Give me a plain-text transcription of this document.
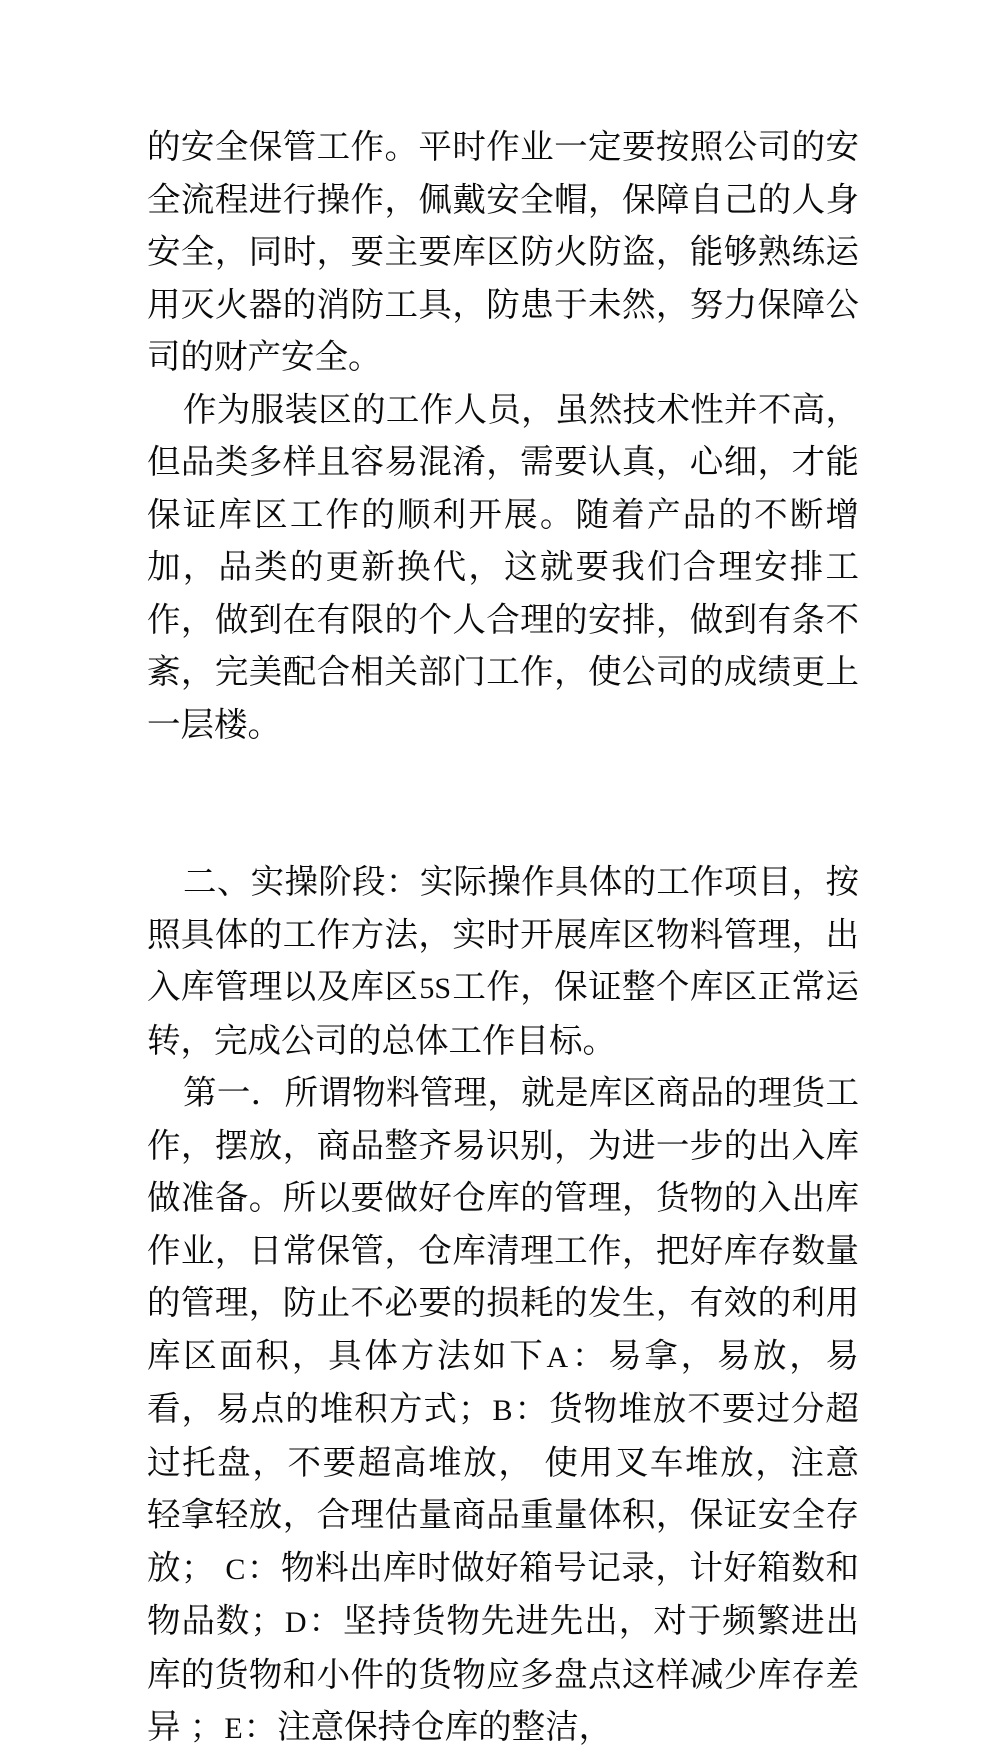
的安全保管工作。平时作业一定要按照公司的安全流程进行操作，佩戴安全帽，保障自己的人身安全，同时，要主要库区防火防盗，能够熟练运用灭火器的消防工具，防患于未然，努力保障公司的财产安全。

作为服装区的工作人员，虽然技术性并不高，但品类多样且容易混淆，需要认真，心细，才能保证库区工作的顺利开展。随着产品的不断增加，品类的更新换代，这就要我们合理安排工作，做到在有限的个人合理的安排，做到有条不紊，完美配合相关部门工作，使公司的成绩更上一层楼。

二、实操阶段：实际操作具体的工作项目，按照具体的工作方法，实时开展库区物料管理，出入库管理以及库区5S工作，保证整个库区正常运转，完成公司的总体工作目标。

第一．所谓物料管理，就是库区商品的理货工作，摆放，商品整齐易识别，为进一步的出入库做准备。所以要做好仓库的管理，货物的入出库作业，日常保管，仓库清理工作，把好库存数量的管理，防止不必要的损耗的发生，有效的利用库区面积，具体方法如下A：易拿，易放，易看，易点的堆积方式；B：货物堆放不要过分超过托盘，不要超高堆放， 使用叉车堆放，注意轻拿轻放，合理估量商品重量体积，保证安全存放； C：物料出库时做好箱号记录，计好箱数和物品数；D：坚持货物先进先出，对于频繁进出库的货物和小件的货物应多盘点这样减少库存差异 ；E：注意保持仓库的整洁，
